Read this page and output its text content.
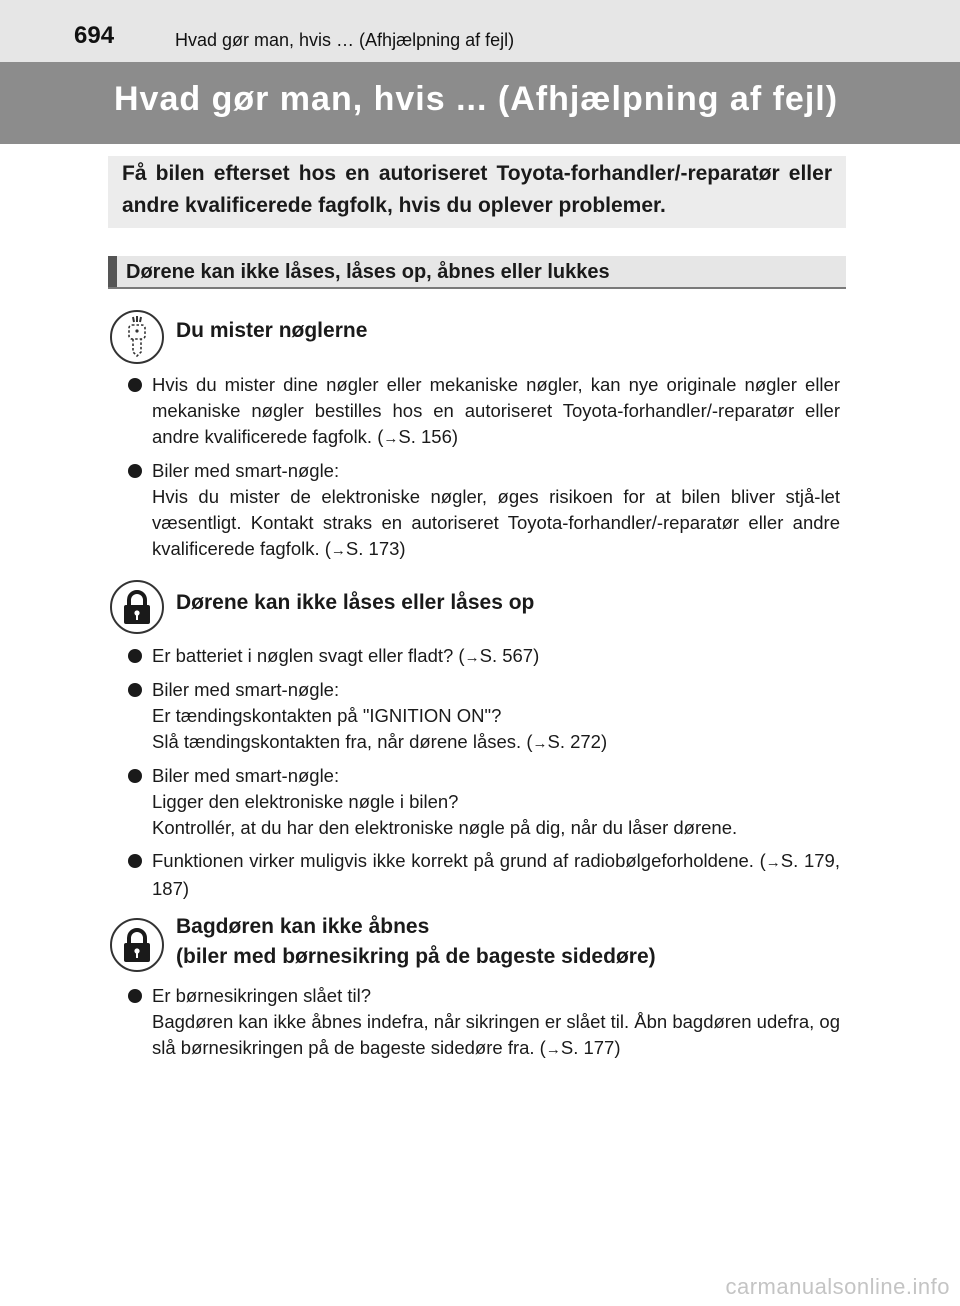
694	Hvad gør man, hvis … (Afhjælpning af fejl)
Hvad gør man, hvis ... (Afhjælpning af fejl)
Få bilen efterset hos en autoriseret Toyota-forhandler/-reparatør eller andre kvalificerede fagfolk, hvis du oplever problemer.
Dørene kan ikke låses, låses op, åbnes eller lukkes
Du mister nøglerne
Hvis du mister dine nøgler eller mekaniske nøgler, kan nye originale nøgler eller mekaniske nøgler bestilles hos en autoriseret Toyota-forhandler/-reparatør eller andre kvalificerede fagfolk. (→S. 156)
Biler med smart-nøgle:
Hvis du mister de elektroniske nøgler, øges risikoen for at bilen bliver stjå-let væsentligt. Kontakt straks en autoriseret Toyota-forhandler/-reparatør eller andre kvalificerede fagfolk. (→S. 173)
Dørene kan ikke låses eller låses op
Er batteriet i nøglen svagt eller fladt? (→S. 567)
Biler med smart-nøgle:
Er tændingskontakten på "IGNITION ON"?
Slå tændingskontakten fra, når dørene låses. (→S. 272)
Biler med smart-nøgle:
Ligger den elektroniske nøgle i bilen?
Kontrollér, at du har den elektroniske nøgle på dig, når du låser dørene.
Funktionen virker muligvis ikke korrekt på grund af radiobølgeforholdene. (→S. 179, 187)
Bagdøren kan ikke åbnes
(biler med børnesikring på de bageste sidedøre)
Er børnesikringen slået til?
Bagdøren kan ikke åbnes indefra, når sikringen er slået til. Åbn bagdøren udefra, og slå børnesikringen på de bageste sidedøre fra. (→S. 177)
carmanualsonline.info
